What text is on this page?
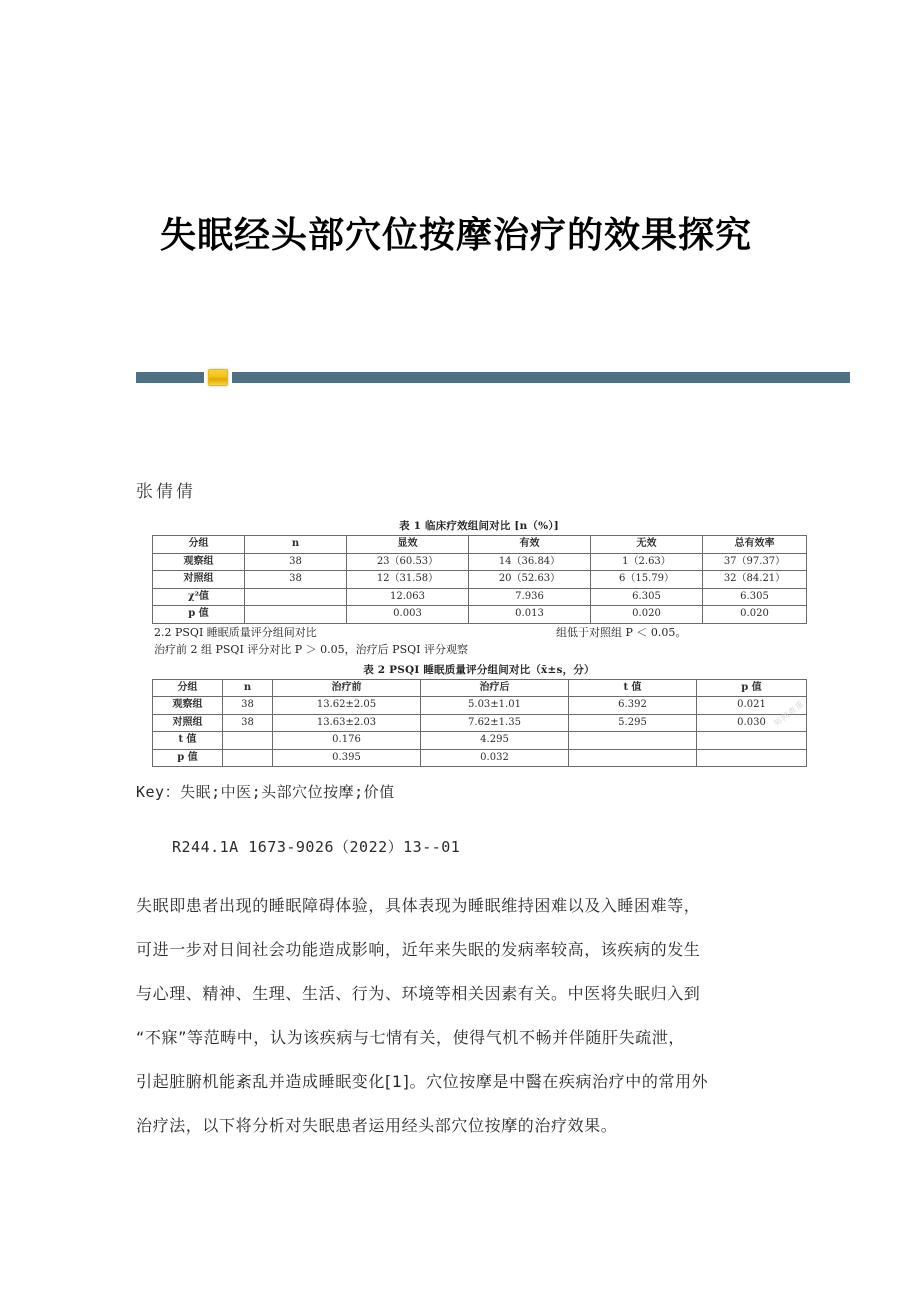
失眠经头部穴位按摩治疗的效果探究
张倩倩
表 1 临床疗效组间对比 [n（%）]
分组	n	显效	有效	无效	总有效率
观察组	38	23（60.53）	14（36.84）	1（2.63）	37（97.37）
对照组	38	12（31.58）	20（52.63）	6（15.79）	32（84.21）
χ²值		12.063	7.936	6.305	6.305
p 值		0.003	0.013	0.020	0.020
2.2 PSQI 睡眠质量评分组间对比	组低于对照组 P ＜ 0.05。
治疗前 2 组 PSQI 评分对比 P ＞ 0.05，治疗后 PSQI 评分观察
表 2 PSQI 睡眠质量评分组间对比（x̄±s，分）
分组	n	治疗前	治疗后	t 值	p 值
观察组	38	13.62±2.05	5.03±1.01	6.392	0.021
对照组	38	13.63±2.03	7.62±1.35	5.295	0.030
t 值		0.176	4.295		
p 值		0.395	0.032		
知网查重
Key：失眠;中医;头部穴位按摩;价值
R244.1A 1673-9026（2022）13--01

失眠即患者出现的睡眠障碍体验，具体表现为睡眠维持困难以及入睡困难等，
可进一步对日间社会功能造成影响，近年来失眠的发病率较高，该疾病的发生
与心理、精神、生理、生活、行为、环境等相关因素有关。中医将失眠归入到
“不寐”等范畴中，认为该疾病与七情有关，使得气机不畅并伴随肝失疏泄，
引起脏腑机能紊乱并造成睡眠变化[1]。穴位按摩是中醫在疾病治疗中的常用外
治疗法，以下将分析对失眠患者运用经头部穴位按摩的治疗效果。
